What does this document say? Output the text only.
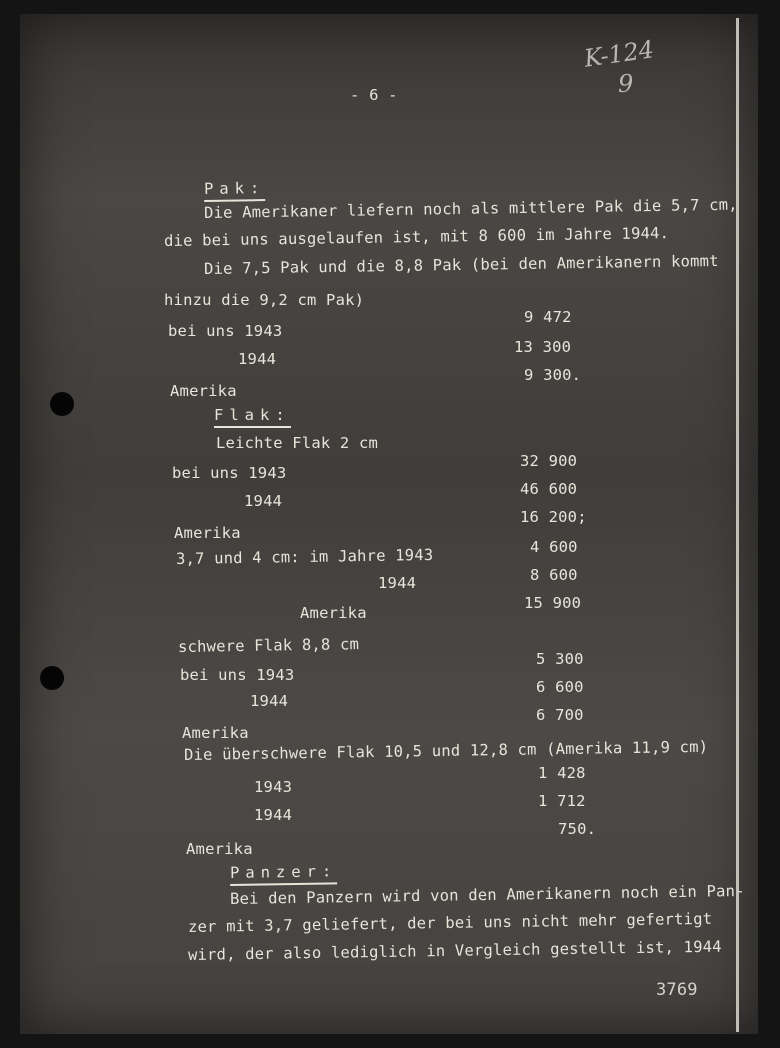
- 6 -
K-124
9
Pak:
Die Amerikaner liefern noch als mittlere Pak die 5,7 cm,
die bei uns ausgelaufen ist, mit 8 600 im Jahre 1944.
Die 7,5 Pak und die 8,8 Pak (bei den Amerikanern kommt
hinzu die 9,2 cm Pak)
bei uns 1943
9 472
1944
13 300
Amerika
9 300.
Flak:
Leichte Flak 2 cm
bei uns 1943
32 900
1944
46 600
Amerika
16 200;
3,7 und 4 cm: im Jahre 1943	4 600
1944	8 600
Amerika
15 900
schwere Flak 8,8 cm
bei uns 1943
5 300
1944
6 600
Amerika
6 700
Die überschwere Flak 10,5 und 12,8 cm (Amerika 11,9 cm)
1943
1 428
1944
1 712
Amerika
750.
Panzer:
Bei den Panzern wird von den Amerikanern noch ein Pan-
zer mit 3,7 geliefert, der bei uns nicht mehr gefertigt
wird, der also lediglich in Vergleich gestellt ist, 1944
3769
